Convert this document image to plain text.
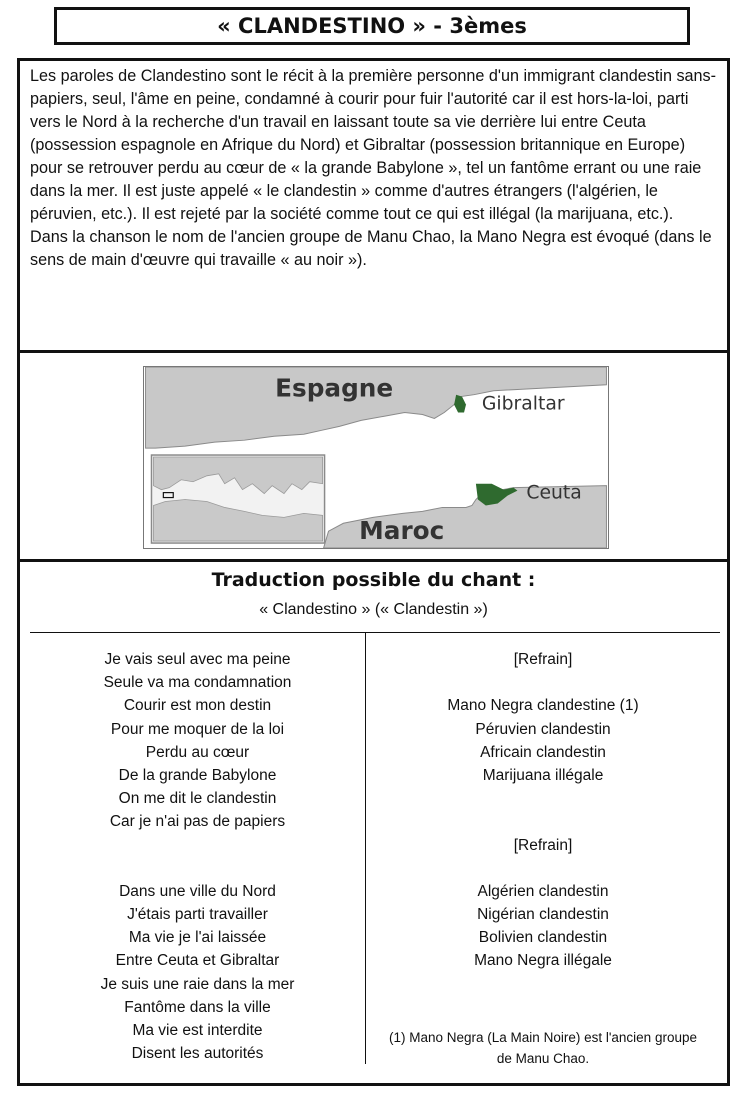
« CLANDESTINO » - 3èmes

Les paroles de Clandestino sont le récit à la première personne d'un immigrant clandestin sans-papiers, seul, l'âme en peine, condamné à courir pour fuir l'autorité car il est hors-la-loi, parti vers le Nord à la recherche d'un travail en laissant toute sa vie derrière lui entre Ceuta (possession espagnole en Afrique du Nord) et Gibraltar (possession britannique en Europe) pour se retrouver perdu au cœur de « la grande Babylone », tel un fantôme errant ou une raie dans la mer. Il est juste appelé « le clandestin » comme d'autres étrangers (l'algérien, le péruvien, etc.). Il est rejeté par la société comme tout ce qui est illégal (la marijuana, etc.).

Dans la chanson le nom de l'ancien groupe de Manu Chao, la Mano Negra est évoqué (dans le sens de main d'œuvre qui travaille « au noir »).

Espagne
Gibraltar
Ceuta
Maroc
Traduction possible du chant :
« Clandestino » (« Clandestin »)
Je vais seul avec ma peine
Seule va ma condamnation
Courir est mon destin
Pour me moquer de la loi
Perdu au cœur
De la grande Babylone
On me dit le clandestin
Car je n'ai pas de papiers
Dans une ville du Nord
J'étais parti travailler
Ma vie je l'ai laissée
Entre Ceuta et Gibraltar
Je suis une raie dans la mer
Fantôme dans la ville
Ma vie est interdite
Disent les autorités
[Refrain]
Mano Negra clandestine (1)
Péruvien clandestin
Africain clandestin
Marijuana illégale
[Refrain]
Algérien clandestin
Nigérian clandestin
Bolivien clandestin
Mano Negra illégale
(1) Mano Negra (La Main Noire) est l'ancien groupe de Manu Chao.
